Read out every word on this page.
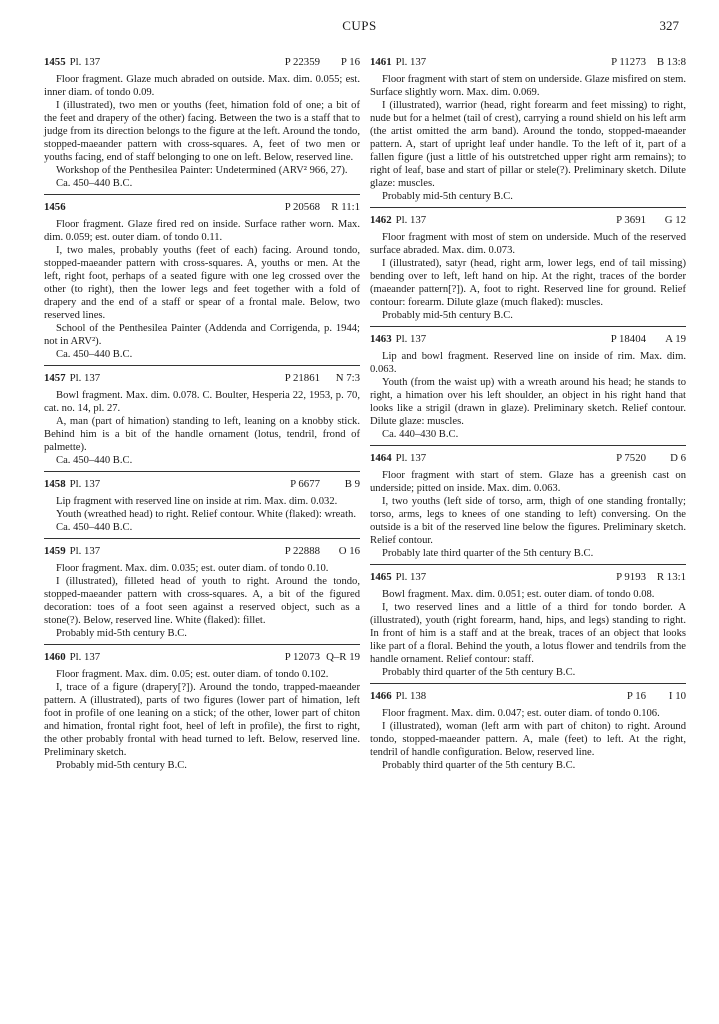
CUPS	327
1455 Pl. 137	P 22359 P 16

Floor fragment. Glaze much abraded on outside. Max. dim. 0.055; est. inner diam. of tondo 0.09.

I (illustrated), two men or youths (feet, himation fold of one; a bit of the feet and drapery of the other) facing. Between the two is a staff that to judge from its direction belongs to the figure at the left. Around the tondo, stopped-maeander pattern with cross-squares. A, feet of two men or youths facing, end of staff belonging to one on left. Below, reserved line.

Workshop of the Penthesilea Painter: Undetermined (ARV² 966, 27).

Ca. 450–440 B.C.

1456	P 20568 R 11:1

Floor fragment. Glaze fired red on inside. Surface rather worn. Max. dim. 0.059; est. outer diam. of tondo 0.11.

I, two males, probably youths (feet of each) facing. Around tondo, stopped-maeander pattern with cross-squares. A, youths or men. At the left, right foot, perhaps of a seated figure with one leg crossed over the other (to right), then the lower legs and feet together with a fold of drapery and the end of a staff or spear of a frontal male. Below, two reserved lines.

School of the Penthesilea Painter (Addenda and Corrigenda, p. 1944; not in ARV²).

Ca. 450–440 B.C.

1457 Pl. 137	P 21861 N 7:3

Bowl fragment. Max. dim. 0.078. C. Boulter, Hesperia 22, 1953, p. 70, cat. no. 14, pl. 27.

A, man (part of himation) standing to left, leaning on a knobby stick. Behind him is a bit of the handle ornament (lotus, tendril, frond of palmette).

Ca. 450–440 B.C.

1458 Pl. 137	P 6677 B 9

Lip fragment with reserved line on inside at rim. Max. dim. 0.032.

Youth (wreathed head) to right. Relief contour. White (flaked): wreath.

Ca. 450–440 B.C.

1459 Pl. 137	P 22888 O 16

Floor fragment. Max. dim. 0.035; est. outer diam. of tondo 0.10.

I (illustrated), filleted head of youth to right. Around the tondo, stopped-maeander pattern with cross-squares. A, a bit of the figured decoration: toes of a foot seen against a reserved object, such as a stone(?). Below, reserved line. White (flaked): fillet.

Probably mid-5th century B.C.

1460 Pl. 137	P 12073 Q–R 19

Floor fragment. Max. dim. 0.05; est. outer diam. of tondo 0.102.

I, trace of a figure (drapery[?]). Around the tondo, trapped-maeander pattern. A (illustrated), parts of two figures (lower part of himation, left foot in profile of one leaning on a stick; of the other, lower part of chiton and himation, frontal right foot, heel of left in profile), the first to right, the other probably frontal with head turned to left. Below, reserved line. Preliminary sketch.

Probably mid-5th century B.C.

1461 Pl. 137	P 11273 B 13:8

Floor fragment with start of stem on underside. Glaze misfired on stem. Surface slightly worn. Max. dim. 0.069.

I (illustrated), warrior (head, right forearm and feet missing) to right, nude but for a helmet (tail of crest), carrying a round shield on his left arm (the artist omitted the arm band). Around the tondo, stopped-maeander pattern. A, start of upright leaf under handle. To the left of it, part of a fallen figure (just a little of his outstretched upper right arm remains); to right of leaf, base and start of pillar or stele(?). Preliminary sketch. Dilute glaze: muscles.

Probably mid-5th century B.C.

1462 Pl. 137	P 3691 G 12

Floor fragment with most of stem on underside. Much of the reserved surface abraded. Max. dim. 0.073.

I (illustrated), satyr (head, right arm, lower legs, end of tail missing) bending over to left, left hand on hip. At the right, traces of the border (maeander pattern[?]). A, foot to right. Reserved line for ground. Relief contour: forearm. Dilute glaze (much flaked): muscles.

Probably mid-5th century B.C.

1463 Pl. 137	P 18404 A 19

Lip and bowl fragment. Reserved line on inside of rim. Max. dim. 0.063.

Youth (from the waist up) with a wreath around his head; he stands to right, a himation over his left shoulder, an object in his right hand that looks like a strigil (drawn in glaze). Preliminary sketch. Relief contour. Dilute glaze: muscles.

Ca. 440–430 B.C.

1464 Pl. 137	P 7520 D 6

Floor fragment with start of stem. Glaze has a greenish cast on underside; pitted on inside. Max. dim. 0.063.

I, two youths (left side of torso, arm, thigh of one standing frontally; torso, arms, legs to knees of one standing to left) conversing. On the outside is a bit of the reserved line below the figures. Preliminary sketch. Relief contour.

Probably late third quarter of the 5th century B.C.

1465 Pl. 137	P 9193 R 13:1

Bowl fragment. Max. dim. 0.051; est. outer diam. of tondo 0.08.

I, two reserved lines and a little of a third for tondo border. A (illustrated), youth (right forearm, hand, hips, and legs) standing to right. In front of him is a staff and at the break, traces of an object that looks like part of a floral. Behind the youth, a lotus flower and tendrils from the handle ornament. Relief contour: staff.

Probably third quarter of the 5th century B.C.

1466 Pl. 138	P 16 I 10

Floor fragment. Max. dim. 0.047; est. outer diam. of tondo 0.106.

I (illustrated), woman (left arm with part of chiton) to right. Around tondo, stopped-maeander pattern. A, male (feet) to left. At the right, tendril of handle configuration. Below, reserved line.

Probably third quarter of the 5th century B.C.
